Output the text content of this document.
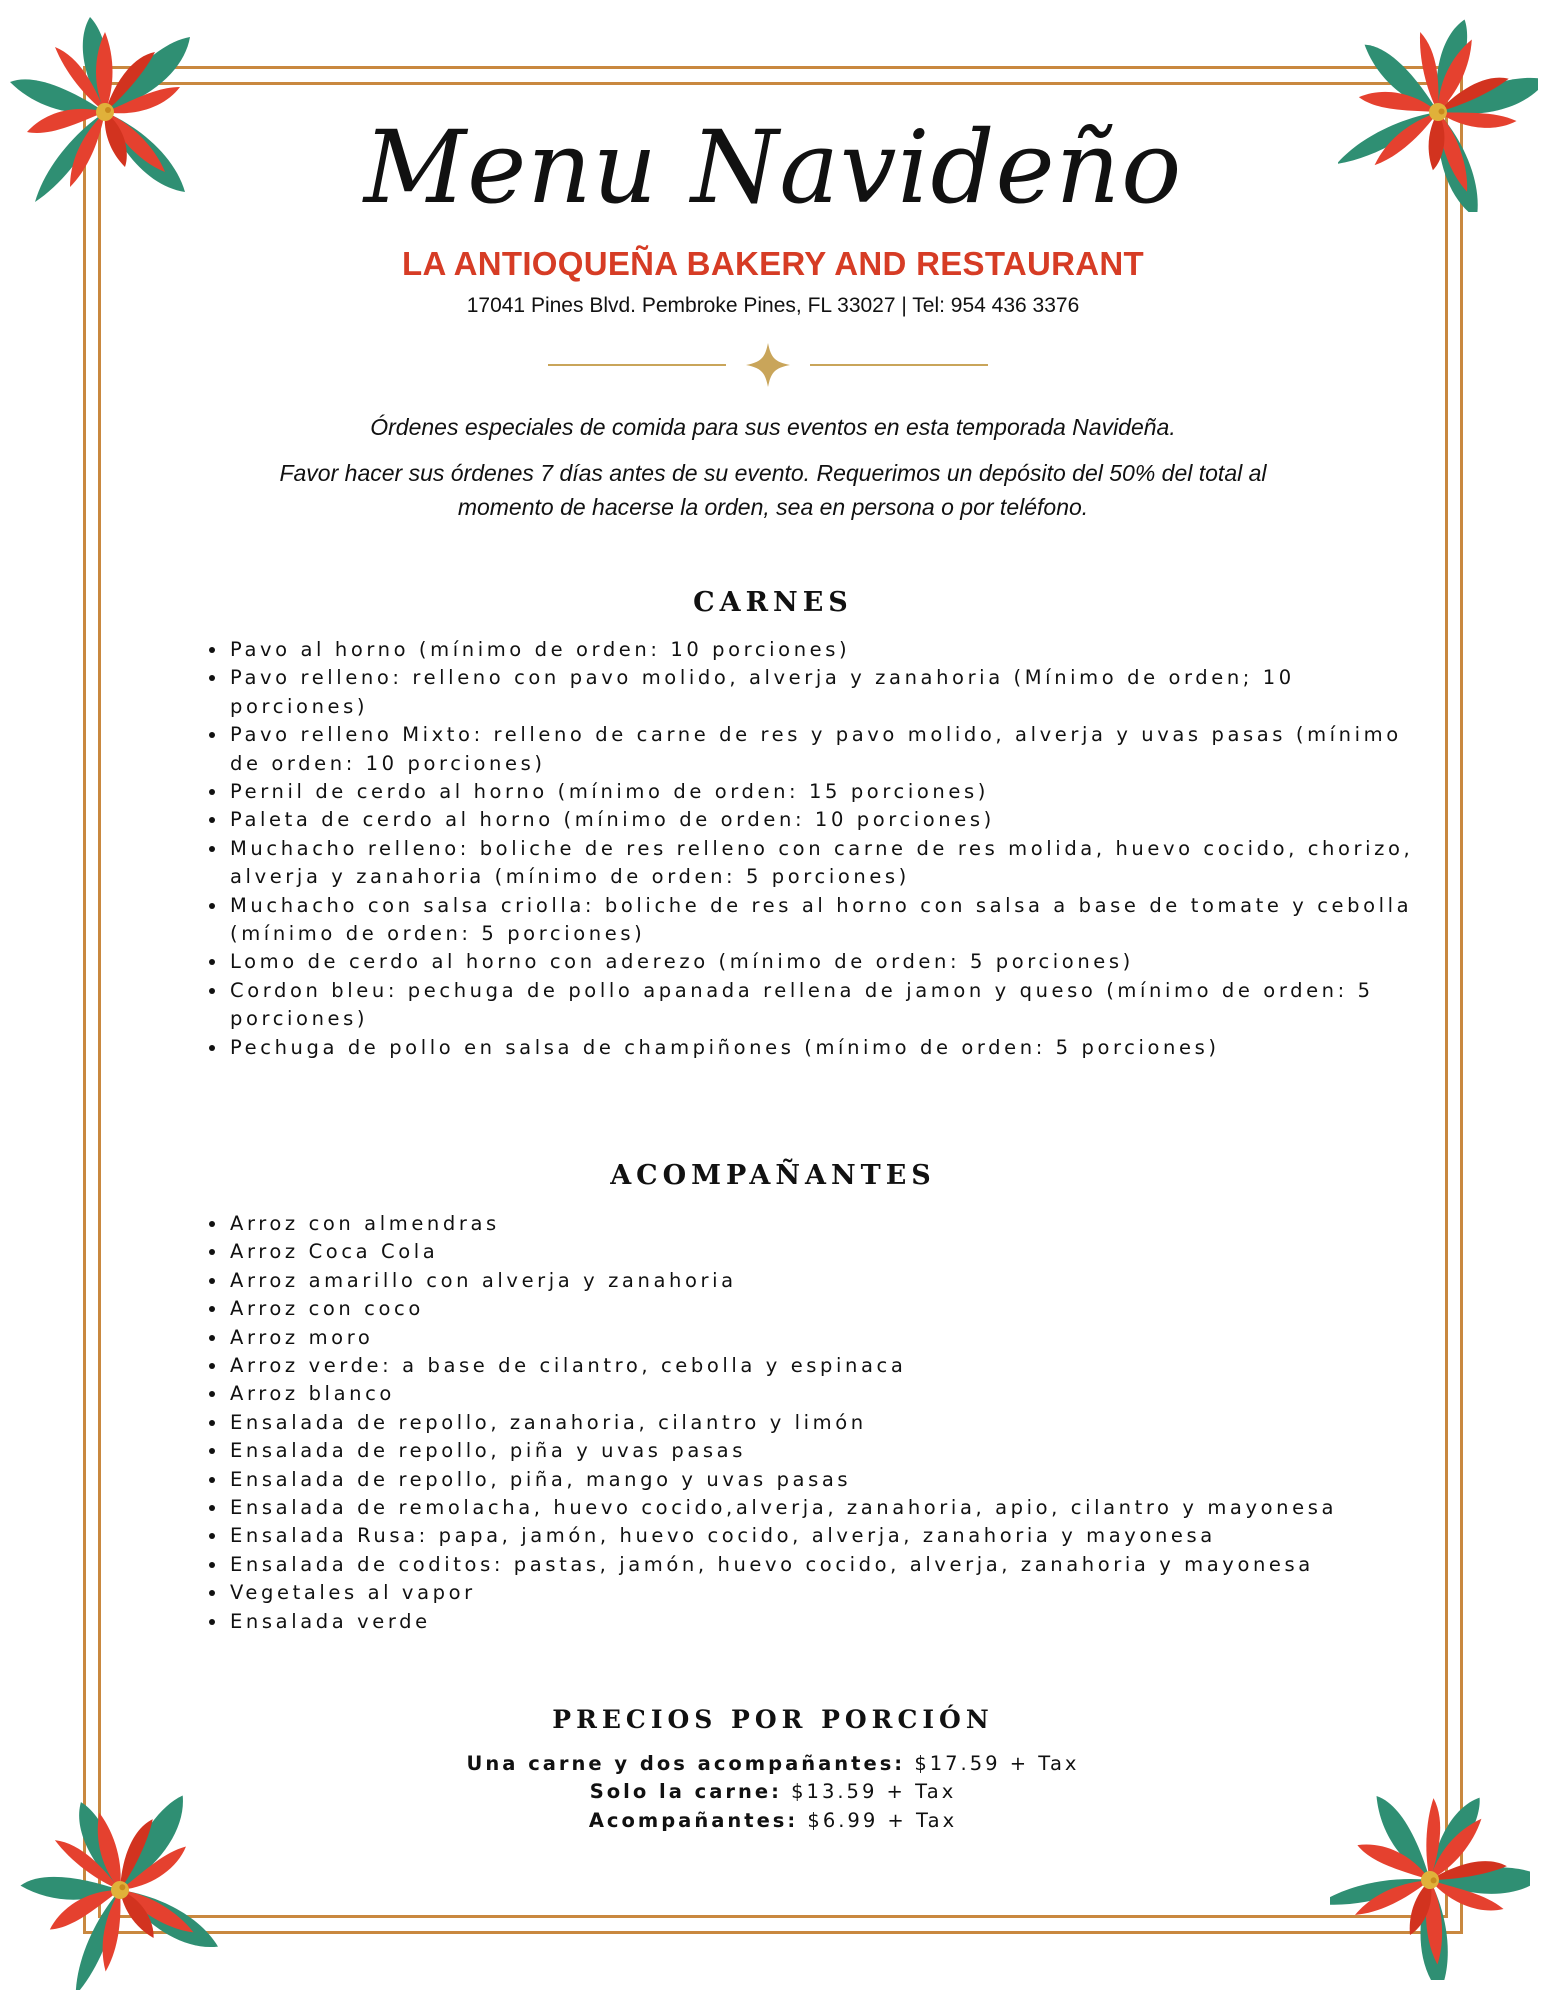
Menu Navideño
LA ANTIOQUEÑA BAKERY AND RESTAURANT
17041 Pines Blvd. Pembroke Pines, FL 33027 | Tel: 954 436 3376

Órdenes especiales de comida para sus eventos en esta temporada Navideña.

Favor hacer sus órdenes 7 días antes de su evento. Requerimos un depósito del 50% del total al momento de hacerse la orden, sea en persona o por teléfono.

CARNES
• Pavo al horno (mínimo de orden: 10 porciones)
• Pavo relleno: relleno con pavo molido, alverja y zanahoria (Mínimo de orden; 10 porciones)
• Pavo relleno Mixto: relleno de carne de res y pavo molido, alverja y uvas pasas (mínimo de orden: 10 porciones)
• Pernil de cerdo al horno (mínimo de orden: 15 porciones)
• Paleta de cerdo al horno (mínimo de orden: 10 porciones)
• Muchacho relleno: boliche de res relleno con carne de res molida, huevo cocido, chorizo, alverja y zanahoria (mínimo de orden: 5 porciones)
• Muchacho con salsa criolla: boliche de res al horno con salsa a base de tomate y cebolla (mínimo de orden: 5 porciones)
• Lomo de cerdo al horno con aderezo (mínimo de orden: 5 porciones)
• Cordon bleu: pechuga de pollo apanada rellena de jamon y queso (mínimo de orden: 5 porciones)
• Pechuga de pollo en salsa de champiñones (mínimo de orden: 5 porciones)
ACOMPAÑANTES
• Arroz con almendras
• Arroz Coca Cola
• Arroz amarillo con alverja y zanahoria
• Arroz con coco
• Arroz moro
• Arroz verde: a base de cilantro, cebolla y espinaca
• Arroz blanco
• Ensalada de repollo, zanahoria, cilantro y limón
• Ensalada de repollo, piña y uvas pasas
• Ensalada de repollo, piña, mango y uvas pasas
• Ensalada de remolacha, huevo cocido,alverja, zanahoria, apio, cilantro y mayonesa
• Ensalada Rusa: papa, jamón, huevo cocido, alverja, zanahoria y mayonesa
• Ensalada de coditos: pastas, jamón, huevo cocido, alverja, zanahoria y mayonesa
• Vegetales al vapor
• Ensalada verde
PRECIOS POR PORCIÓN
Una carne y dos acompañantes: $17.59 + Tax
Solo la carne: $13.59 + Tax
Acompañantes: $6.99 + Tax
